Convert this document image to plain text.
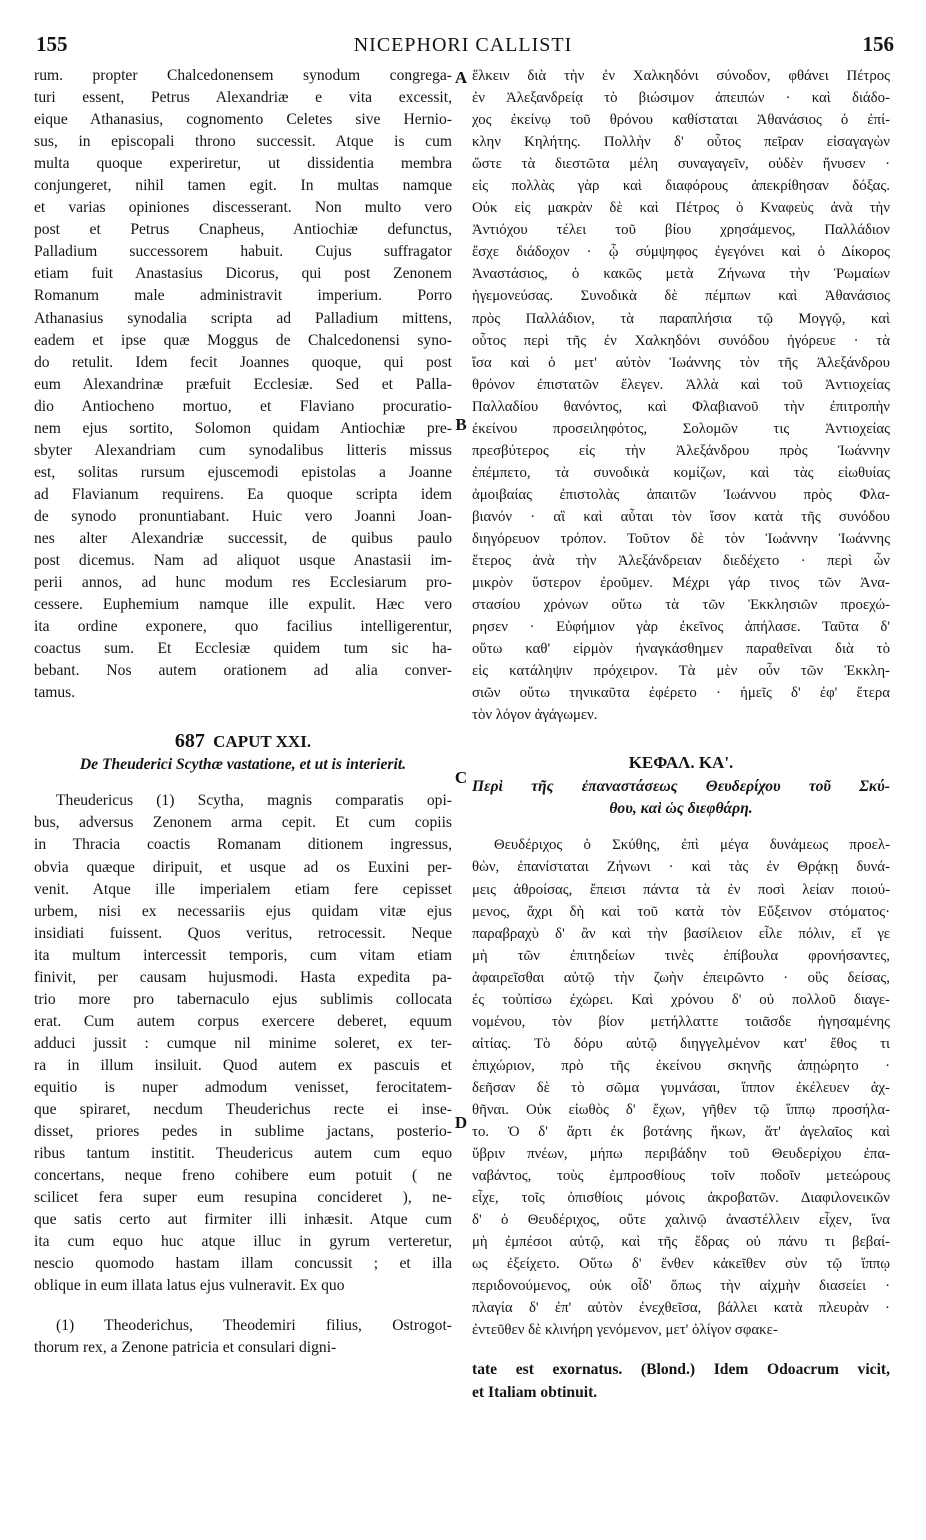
155	NICEPHORI CALLISTI	156
A
B
C
D
rum. propter Chalcedonensem synodum congrega-
turi essent, Petrus Alexandriæ e vita excessit,
eique Athanasius, cognomento Celetes sive Hernio-
sus, in episcopali throno successit. Atque is cum
multa quoque experiretur, ut dissidentia membra
conjungeret, nihil tamen egit. In multas namque
et varias opiniones discesserant. Non multo vero
post et Petrus Cnapheus, Antiochiæ defunctus,
Palladium successorem habuit. Cujus suffragator
etiam fuit Anastasius Dicorus, qui post Zenonem
Romanum male administravit imperium. Porro
Athanasius synodalia scripta ad Palladium mittens,
eadem et ipse quæ Moggus de Chalcedonensi syno-
do retulit. Idem fecit Joannes quoque, qui post
eum Alexandrinæ præfuit Ecclesiæ. Sed et Palla-
dio Antiocheno mortuo, et Flaviano procuratio-
nem ejus sortito, Solomon quidam Antiochiæ pre-
sbyter Alexandriam cum synodalibus litteris missus
est, solitas rursum ejuscemodi epistolas a Joanne
ad Flavianum requirens. Ea quoque scripta idem
de synodo pronuntiabant. Huic vero Joanni Joan-
nes alter Alexandriæ successit, de quibus paulo
post dicemus. Nam ad aliquot usque Anastasii im-
perii annos, ad hunc modum res Ecclesiarum pro-
cessere. Euphemium namque ille expulit. Hæc vero
ita ordine exponere, quo facilius intelligerentur,
coactus sum. Et Ecclesiæ quidem tum sic ha-
bebant. Nos autem orationem ad alia conver-
tamus.
687 CAPUT XXI.
De Theuderici Scythæ vastatione, et ut is interierit.
Theudericus (1) Scytha, magnis comparatis opi-
bus, adversus Zenonem arma cepit. Et cum copiis
in Thracia coactis Romanam ditionem ingressus,
obvia quæque diripuit, et usque ad os Euxini per-
venit. Atque ille imperialem etiam fere cepisset
urbem, nisi ex necessariis ejus quidam vitæ ejus
insidiati fuissent. Quos veritus, retrocessit. Neque
ita multum intercessit temporis, cum vitam etiam
finivit, per causam hujusmodi. Hasta expedita pa-
trio more pro tabernaculo ejus sublimis collocata
erat. Cum autem corpus exercere deberet, equum
adduci jussit : cumque nil minime soleret, ex ter-
ra in illum insiluit. Quod autem ex pascuis et
equitio is nuper admodum venisset, ferocitatem-
que spiraret, necdum Theuderichus recte ei inse-
disset, priores pedes in sublime jactans, posterio-
ribus tantum institit. Theudericus autem cum equo
concertans, neque freno cohibere eum potuit ( ne
scilicet fera super eum resupina concideret ), ne-
que satis certo aut firmiter illi inhæsit. Atque cum
ita cum equo huc atque illuc in gyrum verteretur,
nescio quomodo hastam illam concussit ; et illa
oblique in eum illata latus ejus vulneravit. Ex quo
(1) Theoderichus, Theodemiri filius, Ostrogot-
thorum rex, a Zenone patricia et consulari digni-
ἕλκειν διὰ τὴν ἐν Χαλκηδόνι σύνοδον, φθάνει Πέτρος
ἐν Ἀλεξανδρείᾳ τὸ βιώσιμον ἀπειπών · καὶ διάδο-
χος ἐκείνῳ τοῦ θρόνου καθίσταται Ἀθανάσιος ὁ ἐπί-
κλην Κηλήτης. Πολλὴν δ' οὗτος πεῖραν εἰσαγαγὼν
ὥστε τὰ διεστῶτα μέλη συναγαγεῖν, οὐδὲν ἤνυσεν ·
εἰς πολλὰς γὰρ καὶ διαφόρους ἀπεκρίθησαν δόξας.
Οὐκ εἰς μακρὰν δὲ καὶ Πέτρος ὁ Κναφεὺς ἀνὰ τὴν
Ἀντιόχου τέλει τοῦ βίου χρησάμενος, Παλλάδιον
ἔσχε διάδοχον · ᾧ σύμψηφος ἐγεγόνει καὶ ὁ Δίκορος
Ἀναστάσιος, ὁ κακῶς μετὰ Ζήνωνα τὴν Ῥωμαίων
ἡγεμονεύσας. Συνοδικὰ δὲ πέμπων καὶ Ἀθανάσιος
πρὸς Παλλάδιον, τὰ παραπλήσια τῷ Μογγῷ, καὶ
οὗτος περὶ τῆς ἐν Χαλκηδόνι συνόδου ἠγόρευε · τὰ
ἴσα καὶ ὁ μετ' αὐτὸν Ἰωάννης τὸν τῆς Ἀλεξάνδρου
θρόνον ἐπιστατῶν ἔλεγεν. Ἀλλὰ καὶ τοῦ Ἀντιοχείας
Παλλαδίου θανόντος, καὶ Φλαβιανοῦ τὴν ἐπιτροπὴν
ἐκείνου προσειληφότος, Σολομῶν τις Ἀντιοχείας
πρεσβύτερος εἰς τὴν Ἀλεξάνδρου πρὸς Ἰωάννην
ἐπέμπετο, τὰ συνοδικὰ κομίζων, καὶ τὰς εἰωθυίας
ἀμοιβαίας ἐπιστολὰς ἀπαιτῶν Ἰωάννου πρὸς Φλα-
βιανόν · αἳ καὶ αὗται τὸν ἴσον κατὰ τῆς συνόδου
διηγόρευον τρόπον. Τοῦτον δὲ τὸν Ἰωάννην Ἰωάννης
ἕτερος ἀνὰ τὴν Ἀλεξάνδρειαν διεδέχετο · περὶ ὧν
μικρὸν ὕστερον ἐροῦμεν. Μέχρι γάρ τινος τῶν Ἀνα-
στασίου χρόνων οὕτω τὰ τῶν Ἐκκλησιῶν προεχώ-
ρησεν · Εὐφήμιον γὰρ ἐκεῖνος ἀπήλασε. Ταῦτα δ'
οὕτω καθ' εἱρμὸν ἠναγκάσθημεν παραθεῖναι διὰ τὸ
εἰς κατάληψιν πρόχειρον. Τὰ μὲν οὖν τῶν Ἐκκλη-
σιῶν οὕτω τηνικαῦτα ἐφέρετο · ἡμεῖς δ' ἐφ' ἕτερα
τὸν λόγον ἀγάγωμεν.
ΚΕΦΑΛ. ΚΑ'.
Περὶ τῆς ἐπαναστάσεως Θευδερίχου τοῦ Σκύ-
θου, καὶ ὡς διεφθάρη.
Θευδέριχος ὁ Σκύθης, ἐπὶ μέγα δυνάμεως προελ-
θὼν, ἐπανίσταται Ζήνωνι · καὶ τὰς ἐν Θρᾴκῃ δυνά-
μεις ἀθροίσας, ἔπεισι πάντα τὰ ἐν ποσὶ λείαν ποιού-
μενος, ἄχρι δὴ καὶ τοῦ κατὰ τὸν Εὔξεινον στόματος·
παραβραχὺ δ' ἂν καὶ τὴν βασίλειον εἷλε πόλιν, εἴ γε
μὴ τῶν ἐπιτηδείων τινὲς ἐπίβουλα φρονήσαντες,
ἀφαιρεῖσθαι αὐτῷ τὴν ζωὴν ἐπειρῶντο · οὓς δείσας,
ἐς τοὐπίσω ἐχώρει. Καὶ χρόνου δ' οὐ πολλοῦ διαγε-
νομένου, τὸν βίον μετήλλαττε τοιᾶσδε ἡγησαμένης
αἰτίας. Τὸ δόρυ αὐτῷ διηγγελμένον κατ' ἔθος τι
ἐπιχώριον, πρὸ τῆς ἐκείνου σκηνῆς ἀπῃώρητο ·
δεῆσαν δὲ τὸ σῶμα γυμνάσαι, ἵππον ἐκέλευεν ἀχ-
θῆναι. Οὐκ εἰωθὸς δ' ἔχων, γῆθεν τῷ ἵππῳ προσήλα-
το. Ὁ δ' ἄρτι ἐκ βοτάνης ἥκων, ἅτ' ἀγελαῖος καὶ
ὕβριν πνέων, μήπω περιβάδην τοῦ Θευδερίχου ἐπα-
ναβάντος, τοὺς ἐμπροσθίους τοῖν ποδοῖν μετεώρους
εἶχε, τοῖς ὀπισθίοις μόνοις ἀκροβατῶν. Διαφιλονεικῶν
δ' ὁ Θευδέριχος, οὔτε χαλινῷ ἀναστέλλειν εἶχεν, ἵνα
μὴ ἐμπέσοι αὐτῷ, καὶ τῆς ἕδρας οὐ πάνυ τι βεβαί-
ως ἐξείχετο. Οὕτω δ' ἔνθεν κἀκεῖθεν σὺν τῷ ἵππῳ
περιδονούμενος, οὐκ οἶδ' ὅπως τὴν αἰχμὴν διασείει ·
πλαγία δ' ἐπ' αὐτὸν ἐνεχθεῖσα, βάλλει κατὰ πλευρὰν ·
ἐντεῦθεν δὲ κλινήρη γενόμενον, μετ' ὀλίγον σφακε-
tate est exornatus. (Blond.) Idem Odoacrum vicit,
et Italiam obtinuit.
